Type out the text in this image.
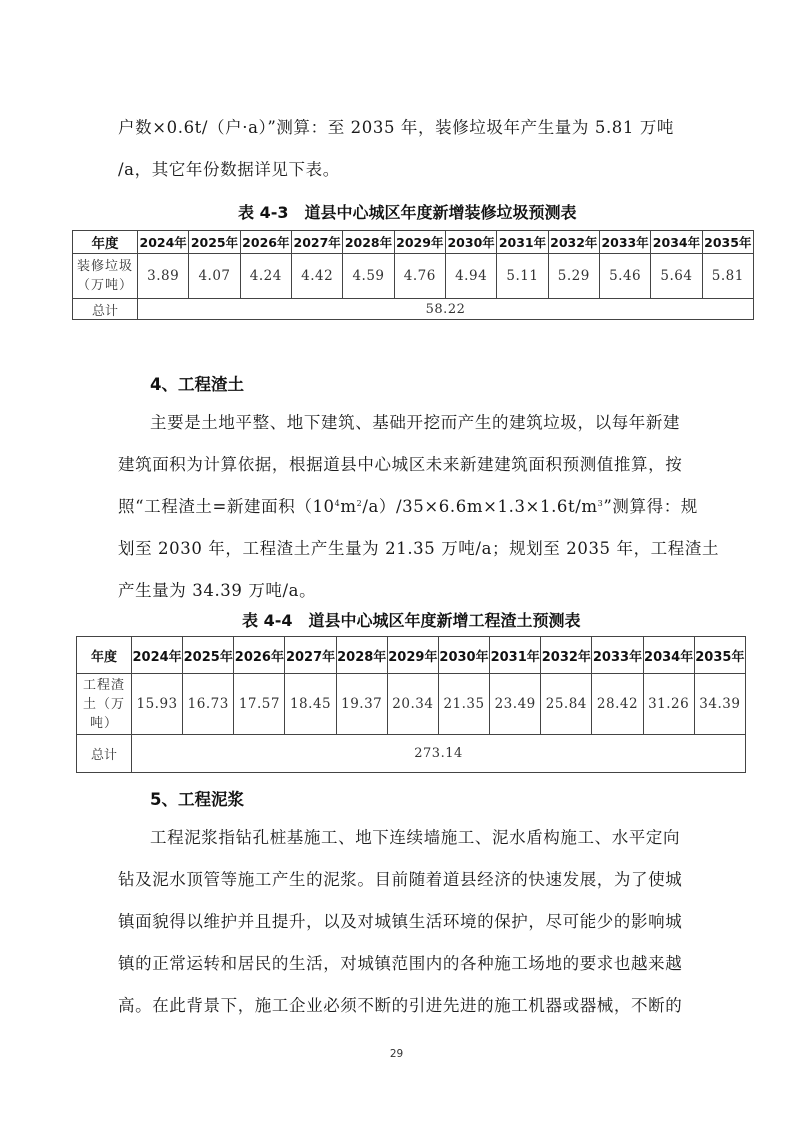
户数×0.6t/（户·a）”测算：至 2035 年，装修垃圾年产生量为 5.81 万吨
/a，其它年份数据详见下表。
表 4-3　道县中心城区年度新增装修垃圾预测表
年度	2024年	2025年	2026年	2027年	2028年	2029年	2030年	2031年	2032年	2033年	2034年	2035年
装修垃圾
（万吨）	3.89	4.07	4.24	4.42	4.59	4.76	4.94	5.11	5.29	5.46	5.64	5.81
总计	58.22											
4、工程渣土
主要是土地平整、地下建筑、基础开挖而产生的建筑垃圾，以每年新建
建筑面积为计算依据，根据道县中心城区未来新建建筑面积预测值推算，按
照“工程渣土=新建面积$(10^4m^2/a)/35\times 6.6m\times 1.3\times 1.6t/m^3$”测算得：规
划至 2030 年，工程渣土产生量为 21.35 万吨/a；规划至 2035 年，工程渣土
产生量为 34.39 万吨/a。
表 4-4　道县中心城区年度新增工程渣土预测表
年度	2024年	2025年	2026年	2027年	2028年	2029年	2030年	2031年	2032年	2033年	2034年	2035年
工程渣
土（万
吨）	15.93	16.73	17.57	18.45	19.37	20.34	21.35	23.49	25.84	28.42	31.26	34.39
总计	273.14											
5、工程泥浆
工程泥浆指钻孔桩基施工、地下连续墙施工、泥水盾构施工、水平定向
钻及泥水顶管等施工产生的泥浆。目前随着道县经济的快速发展，为了使城
镇面貌得以维护并且提升，以及对城镇生活环境的保护，尽可能少的影响城
镇的正常运转和居民的生活，对城镇范围内的各种施工场地的要求也越来越
高。在此背景下，施工企业必须不断的引进先进的施工机器或器械，不断的
29
